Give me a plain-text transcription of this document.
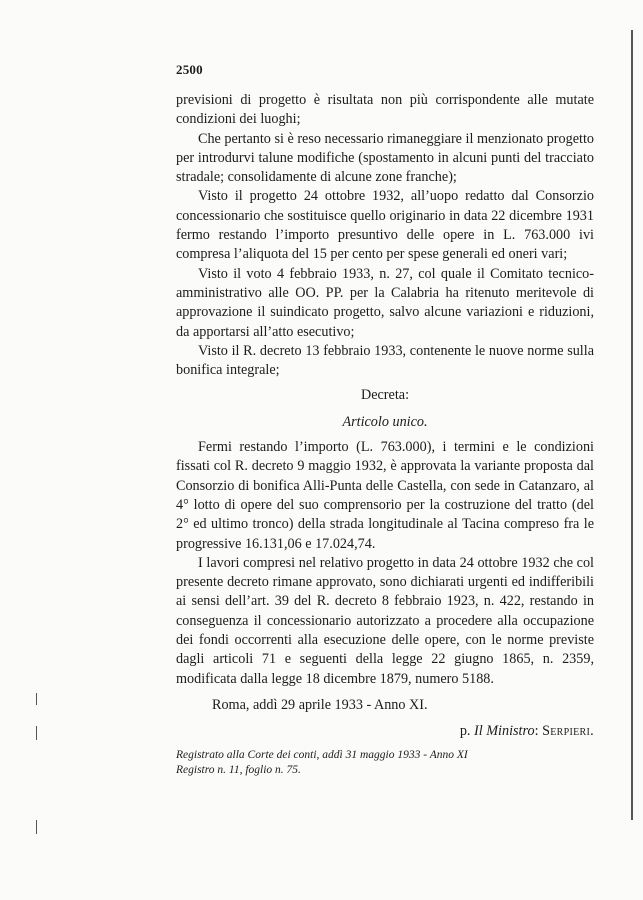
2500

previsioni di progetto è risultata non più corrispondente alle mutate condizioni dei luoghi;

Che pertanto si è reso necessario rimaneggiare il menzionato progetto per introdurvi talune modifiche (spostamento in alcuni punti del tracciato stradale; consolidamente di alcune zone franche);

Visto il progetto 24 ottobre 1932, all’uopo redatto dal Consorzio concessionario che sostituisce quello originario in data 22 dicembre 1931 fermo restando l’importo presuntivo delle opere in L. 763.000 ivi compresa l’aliquota del 15 per cento per spese generali ed oneri vari;

Visto il voto 4 febbraio 1933, n. 27, col quale il Comitato tecnico-amministrativo alle OO. PP. per la Calabria ha ritenuto meritevole di approvazione il suindicato progetto, salvo alcune variazioni e riduzioni, da apportarsi all’atto esecutivo;

Visto il R. decreto 13 febbraio 1933, contenente le nuove norme sulla bonifica integrale;

Decreta:

Articolo unico.

Fermi restando l’importo (L. 763.000), i termini e le condizioni fissati col R. decreto 9 maggio 1932, è approvata la variante proposta dal Consorzio di bonifica Alli-Punta delle Castella, con sede in Catanzaro, al 4° lotto di opere del suo comprensorio per la costruzione del tratto (del 2° ed ultimo tronco) della strada longitudinale al Tacina compreso fra le progressive 16.131,06 e 17.024,74.

I lavori compresi nel relativo progetto in data 24 ottobre 1932 che col presente decreto rimane approvato, sono dichiarati urgenti ed indifferibili ai sensi dell’art. 39 del R. decreto 8 febbraio 1923, n. 422, restando in conseguenza il concessionario autorizzato a procedere alla occupazione dei fondi occorrenti alla esecuzione delle opere, con le norme previste dagli articoli 71 e seguenti della legge 22 giugno 1865, n. 2359, modificata dalla legge 18 dicembre 1879, numero 5188.

Roma, addì 29 aprile 1933 - Anno XI.

p. Il Ministro: Serpieri.

Registrato alla Corte dei conti, addì 31 maggio 1933 - Anno XI
Registro n. 11, foglio n. 75.
